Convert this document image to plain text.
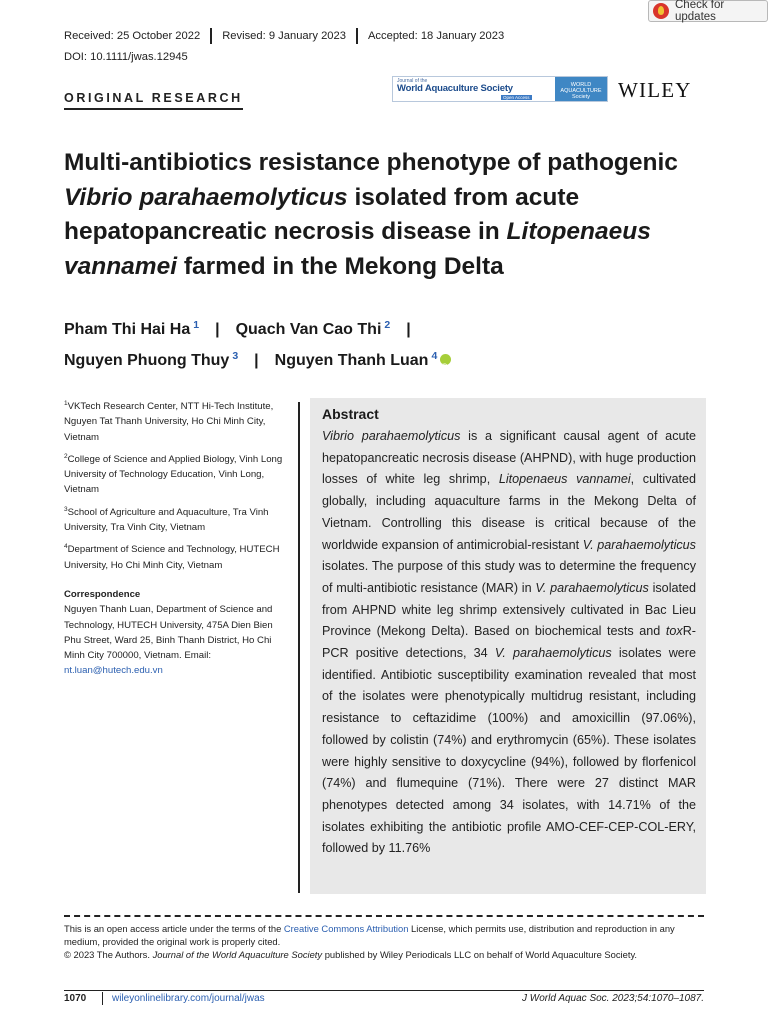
Check for updates
Received: 25 October 2022 Revised: 9 January 2023 Accepted: 18 January 2023
DOI: 10.1111/jwas.12945
ORIGINAL RESEARCH
Journal of the
World Aquaculture Society
Open Access
WORLD
AQUACULTURE
Society	WILEY
Multi-antibiotics resistance phenotype of pathogenic Vibrio parahaemolyticus isolated from acute hepatopancreatic necrosis disease in Litopenaeus vannamei farmed in the Mekong Delta
Pham Thi Hai Ha $^1$ | Quach Van Cao Thi $^2$ |
Nguyen Phuong Thuy $^3$ | Nguyen Thanh Luan $^4$iD

$^1$VKTech Research Center, NTT Hi-Tech Institute, Nguyen Tat Thanh University, Ho Chi Minh City, Vietnam

$^2$College of Science and Applied Biology, Vinh Long University of Technology Education, Vinh Long, Vietnam

$^3$School of Agriculture and Aquaculture, Tra Vinh University, Tra Vinh City, Vietnam

$^4$Department of Science and Technology, HUTECH University, Ho Chi Minh City, Vietnam

Correspondence
Nguyen Thanh Luan, Department of Science and Technology, HUTECH University, 475A Dien Bien Phu Street, Ward 25, Binh Thanh District, Ho Chi Minh City 700000, Vietnam. Email: nt.luan@hutech.edu.vn
Abstract
Vibrio parahaemolyticus is a significant causal agent of acute hepatopancreatic necrosis disease (AHPND), with huge production losses of white leg shrimp, Litopenaeus vannamei, cultivated globally, including aquaculture farms in the Mekong Delta of Vietnam. Controlling this disease is critical because of the worldwide expansion of antimicrobial-resistant V. parahaemolyticus isolates. The purpose of this study was to determine the frequency of multi-antibiotic resistance (MAR) in V. parahaemolyticus isolated from AHPND white leg shrimp extensively cultivated in Bac Lieu Province (Mekong Delta). Based on biochemical tests and toxR-PCR positive detections, 34 V. parahaemolyticus isolates were identified. Antibiotic susceptibility examination revealed that most of the isolates were phenotypically multidrug resistant, including resistance to ceftazidime (100%) and amoxicillin (97.06%), followed by colistin (74%) and erythromycin (65%). These isolates were highly sensitive to doxycycline (94%), followed by florfenicol (74%) and flumequine (71%). There were 27 distinct MAR phenotypes detected among 34 isolates, with 14.71% of the isolates exhibiting the antibiotic profile AMO-CEF-CEP-COL-ERY, followed by 11.76%
This is an open access article under the terms of the Creative Commons Attribution License, which permits use, distribution and reproduction in any medium, provided the original work is properly cited.
© 2023 The Authors. Journal of the World Aquaculture Society published by Wiley Periodicals LLC on behalf of World Aquaculture Society.
1070	wileyonlinelibrary.com/journal/jwas	J World Aquac Soc. 2023;54:1070–1087.
